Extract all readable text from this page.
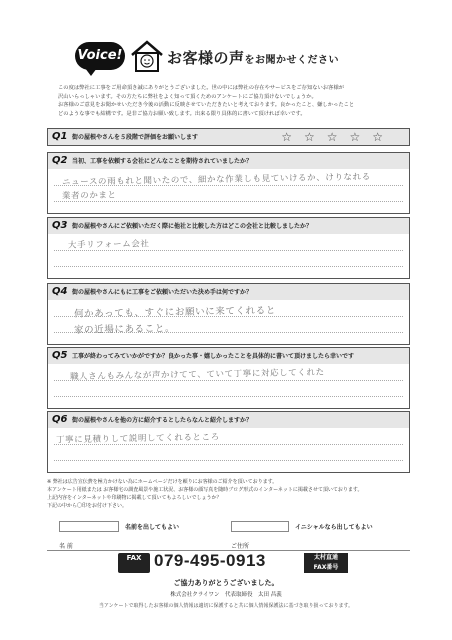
Voice!	お客様の声をお聞かせください
この度は弊社に工事をご用命頂き誠にありがとうございました。世の中には弊社の存在やサービスをご存知ないお客様が
沢山いらっしゃいます。その方たちに弊社をよく知って頂くためのアンケートにご協力頂けないでしょうか。
お客様のご意見をお聞かせいただき今後の活動に反映させていただきたいと考えております。良かったこと、嫌しかったこと
どのような事でも結構です。是非ご協力お願い致します。出来る限り具体的に書いて頂ければ幸いです。
Q1 街の屋根やさんを５段階で評価をお願いします	☆☆☆☆☆
Q2 当初、工事を依頼する会社にどんなことを期待されていましたか？
ニュースの雨もれと聞いたので、細かな作業しも見ていけるか、けりなれる
業者のかまと
Q3 街の屋根やさんにご依頼いただく際に他社と比較した方はどこの会社と比較しましたか？
大手リフォーム会社
Q4 街の屋根やさんにもに工事をご依頼いただいた決め手は何ですか？
何かあっても、すぐにお願いに来てくれると
家の近場にあること。
Q5 工事が終わってみていかがですか？良かった事・嬉しかったことを具体的に書いて頂けましたら幸いです
職人さんもみんなが声かけてて、ていて丁寧に対応してくれた
Q6 街の屋根やさんを他の方に紹介するとしたらなんと紹介しますか？
丁寧に見積りして説明してくれるところ
※ 弊社は広告宣伝費を極力かけない為にホームページだけを頼りにお客様のご紹介を頂いております。
本アンケート用紙または お客様宅の調査風景や施工状況、お客様の顔写真を随時ブログ形式のインターネットに掲載させて頂いております。
上記内容をインターネットや印刷物に掲載して頂いてもよろしいでしょうか？
下記の中から〇印をお付け下さい。
名前を出してもよい	イニシャルなら出してもよい
名 前	ご住所
FAX 079-495-0913	太村直通
FAX番号
ご協力ありがとうございました。
株式会社クライワン　代表取締役　太田 昌義
当アンケートで取得したお客様の個人情報は適切に保護すると共に個人情報保護法に基づき取り扱っております。
